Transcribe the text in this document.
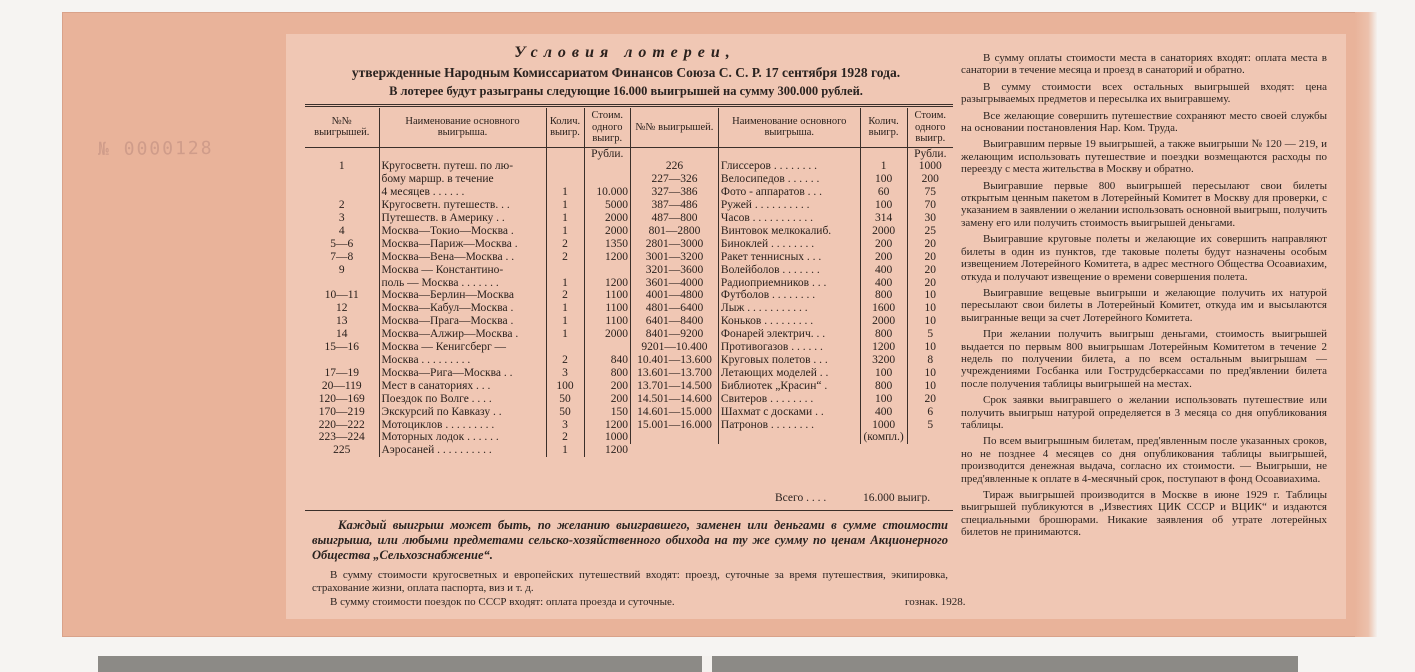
№ 0000128
Условия лотереи,
утвержденные Народным Комиссариатом Финансов Союза С. С. Р. 17 сентября 1928 года.
В лотерее будут разыграны следующие 16.000 выигрышей на сумму 300.000 рублей.
№№ выигрышей.	Наименование основного выигрыша.	Колич. выигр.	Стоим. одного выигр.
			Рубли.
1	Кругосветн. путеш. по лю-		
	бому маршр. в течение		
	4 месяцев . . . . . .	1	10.000
2	Кругосветн. путешеств. . .	1	5000
3	Путешеств. в Америку . .	1	2000
4	Москва—Токио—Москва .	1	2000
5—6	Москва—Париж—Москва .	2	1350
7—8	Москва—Вена—Москва . .	2	1200
9	Москва — Константино-		
	поль — Москва . . . . . . .	1	1200
10—11	Москва—Берлин—Москва	2	1100
12	Москва—Кабул—Москва .	1	1100
13	Москва—Прага—Москва .	1	1100
14	Москва—Алжир—Москва .	1	2000
15—16	Москва — Кенигсберг —		
	Москва . . . . . . . . .	2	840
17—19	Москва—Рига—Москва . .	3	800
20—119	Мест в санаториях . . .	100	200
120—169	Поездок по Волге . . . .	50	200
170—219	Экскурсий по Кавказу . .	50	150
220—222	Мотоциклов . . . . . . . . .	3	1200
223—224	Моторных лодок . . . . . .	2	1000
225	Аэросаней . . . . . . . . . .	1	1200
№№ выигрышей.	Наименование основного выигрыша.	Колич. выигр.	Стоим. одного выигр.
			Рубли.
226	Глиссеров . . . . . . . .	1	1000
227—326	Велосипедов . . . . . .	100	200
327—386	Фото - аппаратов . . .	60	75
387—486	Ружей . . . . . . . . . .	100	70
487—800	Часов . . . . . . . . . . .	314	30
801—2800	Винтовок мелкокалиб.	2000	25
2801—3000	Биноклей . . . . . . . .	200	20
3001—3200	Ракет теннисных . . .	200	20
3201—3600	Волейболов . . . . . . .	400	20
3601—4000	Радиоприемников . . .	400	20
4001—4800	Футболов . . . . . . . .	800	10
4801—6400	Лыж . . . . . . . . . . .	1600	10
6401—8400	Коньков . . . . . . . . .	2000	10
8401—9200	Фонарей электрич. . .	800	5
9201—10.400	Противогазов . . . . . .	1200	10
10.401—13.600	Круговых полетов . . .	3200	8
13.601—13.700	Летающих моделей . .	100	10
13.701—14.500	Библиотек „Красин“ .	800	10
14.501—14.600	Свитеров . . . . . . . .	100	20
14.601—15.000	Шахмат с досками . .	400	6
15.001—16.000	Патронов . . . . . . . .	1000	5
		(компл.)	
Всего . . . .	16.000 выигр.
Каждый выигрыш может быть, по желанию выигравшего, заменен или деньгами в сумме стоимости выигрыша, или любыми предметами сельско-хозяйственного обихода на ту же сумму по ценам Акционерного Общества „Сельхозснабжение“.
В сумму стоимости кругосветных и европейских путешествий входят: проезд, суточные за время путешествия, экипировка, страхование жизни, оплата паспорта, виз и т. д.
В сумму стоимости поездок по СССР входят: оплата проезда и суточные.	гознак. 1928.

В сумму оплаты стоимости места в санаториях входят: оплата места в санатории в течение месяца и проезд в санаторий и обратно.

В сумму стоимости всех остальных выигрышей входят: цена разыгрываемых предметов и пересылка их выигравшему.

Все желающие совершить путешествие сохраняют место своей службы на основании постановления Нар. Ком. Труда.

Выигравшим первые 19 выигрышей, а также выигрыши № 120 — 219, и желающим использовать путешествие и поездки возмещаются расходы по переезду с места жительства в Москву и обратно.

Выигравшие первые 800 выигрышей пересылают свои билеты открытым ценным пакетом в Лотерейный Комитет в Москву для проверки, с указанием в заявлении о желании использовать основной выигрыш, получить замену его или получить стоимость выигрышей деньгами.

Выигравшие круговые полеты и желающие их совершить направляют билеты в один из пунктов, где таковые полеты будут назначены особым извещением Лотерейного Комитета, в адрес местного Общества Осоавиахим, откуда и получают извещение о времени совершения полета.

Выигравшие вещевые выигрыши и желающие получить их натурой пересылают свои билеты в Лотерейный Комитет, откуда им и высылаются выигранные вещи за счет Лотерейного Комитета.

При желании получить выигрыш деньгами, стоимость выигрышей выдается по первым 800 выигрышам Лотерейным Комитетом в течение 2 недель по получении билета, а по всем остальным выигрышам — учреждениями Госбанка или Гострудсберкассами по пред'явлении билета после получения таблицы выигрышей на местах.

Срок заявки выигравшего о желании использовать путешествие или получить выигрыш натурой определяется в 3 месяца со дня опубликования таблицы.

По всем выигрышным билетам, пред'явленным после указанных сроков, но не позднее 4 месяцев со дня опубликования таблицы выигрышей, производится денежная выдача, согласно их стоимости. — Выигрыши, не пред'явленные к оплате в 4-месячный срок, поступают в фонд Осоавиахима.

Тираж выигрышей производится в Москве в июне 1929 г. Таблицы выигрышей публикуются в „Известиях ЦИК СССР и ВЦИК“ и издаются специальными брошюрами. Никакие заявления об утрате лотерейных билетов не принимаются.
